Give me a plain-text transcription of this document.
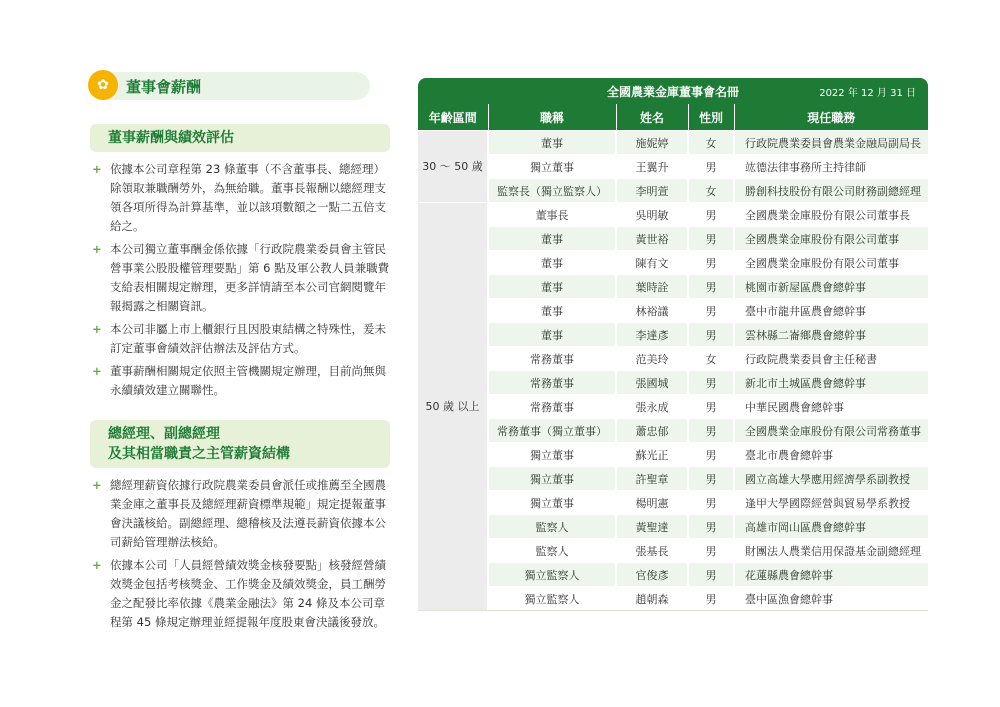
✿	董事會薪酬
董事薪酬與績效評估
+ 依據本公司章程第 23 條董事（不含董事長、總經理）除領取兼職酬勞外，為無給職。董事長報酬以總經理支領各項所得為計算基準，並以該項數額之一點二五倍支給之。
+ 本公司獨立董事酬金係依據「行政院農業委員會主管民營事業公股股權管理要點」第 6 點及軍公教人員兼職費支給表相關規定辦理，更多詳情請至本公司官網閱覽年報揭露之相關資訊。
+ 本公司非屬上市上櫃銀行且因股東結構之特殊性，爰未訂定董事會績效評估辦法及評估方式。
+ 董事薪酬相關規定依照主管機關規定辦理，目前尚無與永續績效建立關聯性。
總經理、副總經理
及其相當職責之主管薪資結構
+ 總經理薪資依據行政院農業委員會派任或推薦至全國農業金庫之董事長及總經理薪資標準規範」規定提報董事會決議核給。副總經理、總稽核及法遵長薪資依據本公司薪給管理辦法核給。
+ 依據本公司「人員經營績效獎金核發要點」核發經營績效獎金包括考核獎金、工作獎金及績效獎金，員工酬勞金之配發比率依據《農業金融法》第 24 條及本公司章程第 45 條規定辦理並經提報年度股東會決議後發放。
全國農業金庫董事會名冊	2022 年 12 月 31 日
年齡區間	職稱	姓名	性別	現任職務
30 ～ 50 歲	董事	施妮婷	女	行政院農業委員會農業金融局副局長
	獨立董事	王翼升	男	竑德法律事務所主持律師
	監察長（獨立監察人）	李明萱	女	勝創科技股份有限公司財務副總經理
50 歲 以上	董事長	吳明敏	男	全國農業金庫股份有限公司董事長
	董事	黃世裕	男	全國農業金庫股份有限公司董事
	董事	陳有文	男	全國農業金庫股份有限公司董事
	董事	葉時詮	男	桃園市新屋區農會總幹事
	董事	林裕議	男	臺中市龍井區農會總幹事
	董事	李達彥	男	雲林縣二崙鄉農會總幹事
	常務董事	范美玲	女	行政院農業委員會主任秘書
	常務董事	張國城	男	新北市土城區農會總幹事
	常務董事	張永成	男	中華民國農會總幹事
	常務董事（獨立董事）	蕭忠郁	男	全國農業金庫股份有限公司常務董事
	獨立董事	蘇光正	男	臺北市農會總幹事
	獨立董事	許聖章	男	國立高雄大學應用經濟學系副教授
	獨立董事	楊明憲	男	逢甲大學國際經營與貿易學系教授
	監察人	黃聖達	男	高雄市岡山區農會總幹事
	監察人	張基長	男	財團法人農業信用保證基金副總經理
	獨立監察人	官俊彥	男	花蓮縣農會總幹事
	獨立監察人	趙朝森	男	臺中區漁會總幹事
